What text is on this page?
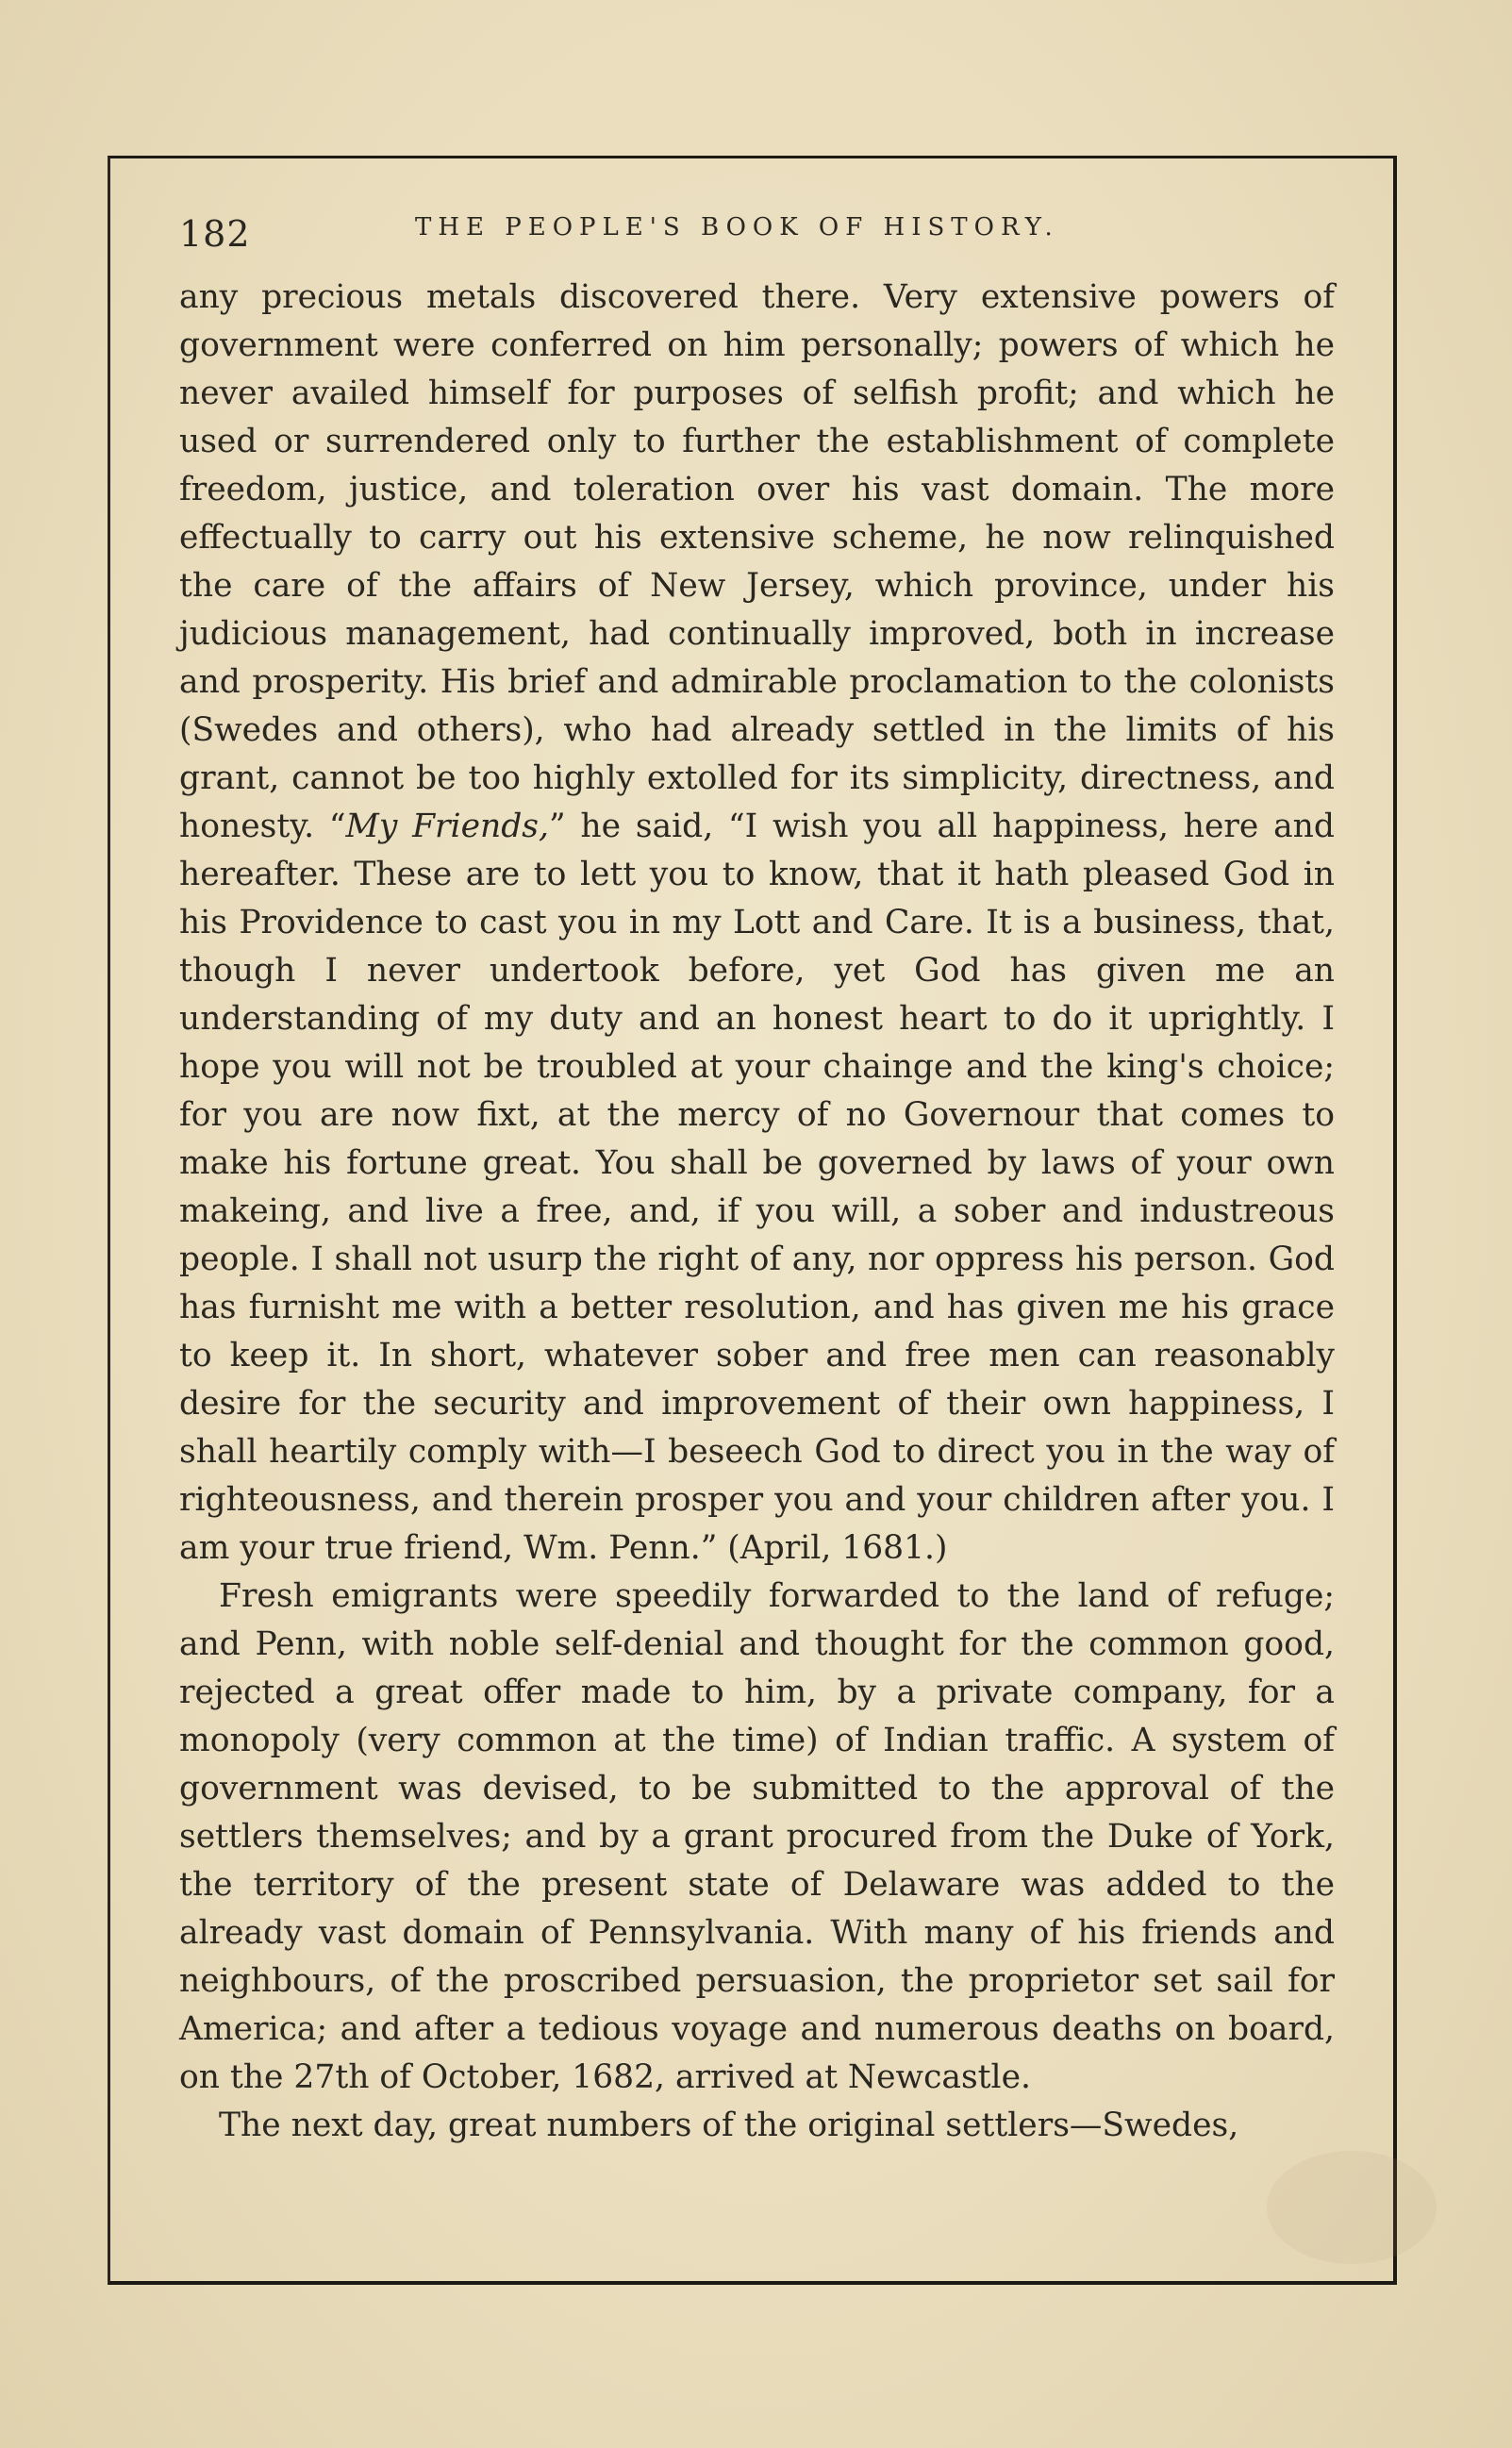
182	THE PEOPLE'S BOOK OF HISTORY.

any precious metals discovered there. Very extensive powers of government were conferred on him personally; powers of which he never availed himself for purposes of selfish profit; and which he used or surrendered only to further the establishment of complete freedom, justice, and toleration over his vast domain. The more effectually to carry out his extensive scheme, he now relinquished the care of the affairs of New Jersey, which province, under his judicious management, had continually improved, both in increase and prosperity. His brief and admirable proclamation to the colonists (Swedes and others), who had already settled in the limits of his grant, cannot be too highly extolled for its simplicity, directness, and honesty. “My Friends,” he said, “I wish you all happiness, here and hereafter. These are to lett you to know, that it hath pleased God in his Providence to cast you in my Lott and Care. It is a business, that, though I never undertook before, yet God has given me an understanding of my duty and an honest heart to do it uprightly. I hope you will not be troubled at your chainge and the king's choice; for you are now fixt, at the mercy of no Governour that comes to make his fortune great. You shall be governed by laws of your own makeing, and live a free, and, if you will, a sober and industreous people. I shall not usurp the right of any, nor oppress his person. God has furnisht me with a better resolution, and has given me his grace to keep it. In short, whatever sober and free men can reasonably desire for the security and improvement of their own happiness, I shall heartily comply with—I beseech God to direct you in the way of righteousness, and therein prosper you and your children after you. I am your true friend, Wm. Penn.” (April, 1681.)

Fresh emigrants were speedily forwarded to the land of refuge; and Penn, with noble self-denial and thought for the common good, rejected a great offer made to him, by a private company, for a monopoly (very common at the time) of Indian traffic. A system of government was devised, to be submitted to the approval of the settlers themselves; and by a grant procured from the Duke of York, the territory of the present state of Delaware was added to the already vast domain of Pennsylvania. With many of his friends and neighbours, of the proscribed persuasion, the proprietor set sail for America; and after a tedious voyage and numerous deaths on board, on the 27th of October, 1682, arrived at Newcastle.

The next day, great numbers of the original settlers—Swedes,
